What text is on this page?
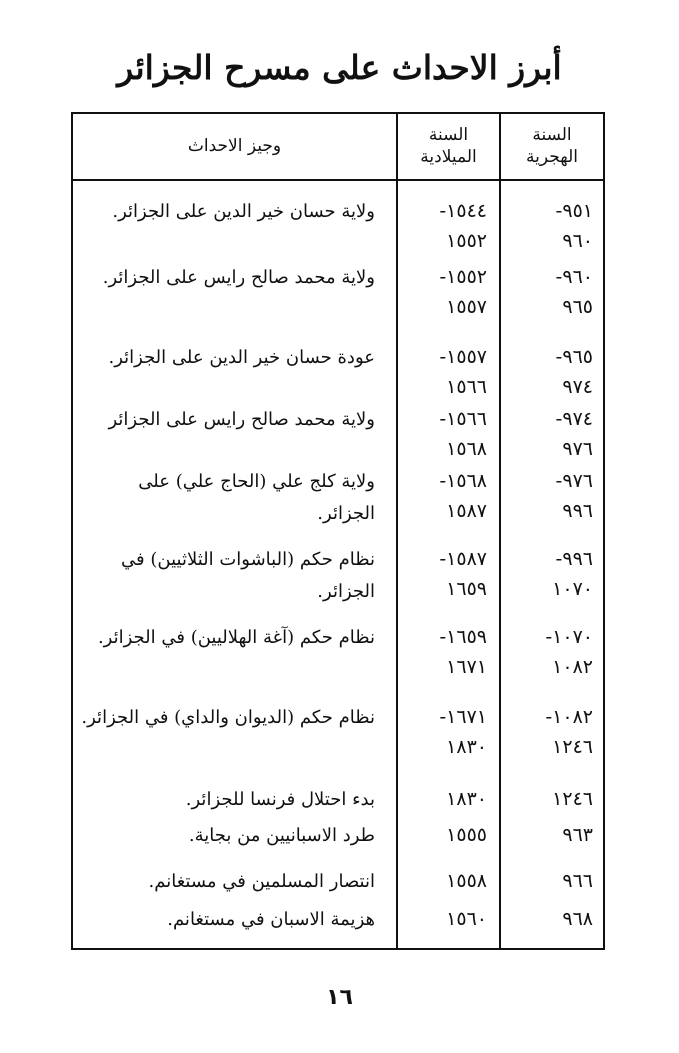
أبرز الاحداث على مسرح الجزائر
السنة
الهجرية
السنة
الميلادية
وجيز الاحداث
٩٥١-
٩٦٠
١٥٤٤-
١٥٥٢
ولاية حسان خير الدين على الجزائر.
٩٦٠-
٩٦٥
١٥٥٢-
١٥٥٧
ولاية محمد صالح رايس على الجزائر.
٩٦٥-
٩٧٤
١٥٥٧-
١٥٦٦
عودة حسان خير الدين على الجزائر.
٩٧٤-
٩٧٦
١٥٦٦-
١٥٦٨
ولاية محمد صالح رايس على الجزائر
٩٧٦-
٩٩٦
١٥٦٨-
١٥٨٧
ولاية كلج علي (الحاج علي) على الجزائر.
٩٩٦-
١٠٧٠
١٥٨٧-
١٦٥٩
نظام حكم (الباشوات الثلاثيين) في الجزائر.
١٠٧٠-
١٠٨٢
١٦٥٩-
١٦٧١
نظام حكم (آغة الهلاليين) في الجزائر.
١٠٨٢-
١٢٤٦
١٦٧١-
١٨٣٠
نظام حكم (الديوان والداي) في الجزائر.
١٢٤٦
١٨٣٠
بدء احتلال فرنسا للجزائر.
٩٦٣
١٥٥٥
طرد الاسبانيين من بجاية.
٩٦٦
١٥٥٨
انتصار المسلمين في مستغانم.
٩٦٨
١٥٦٠
هزيمة الاسبان في مستغانم.
١٦
